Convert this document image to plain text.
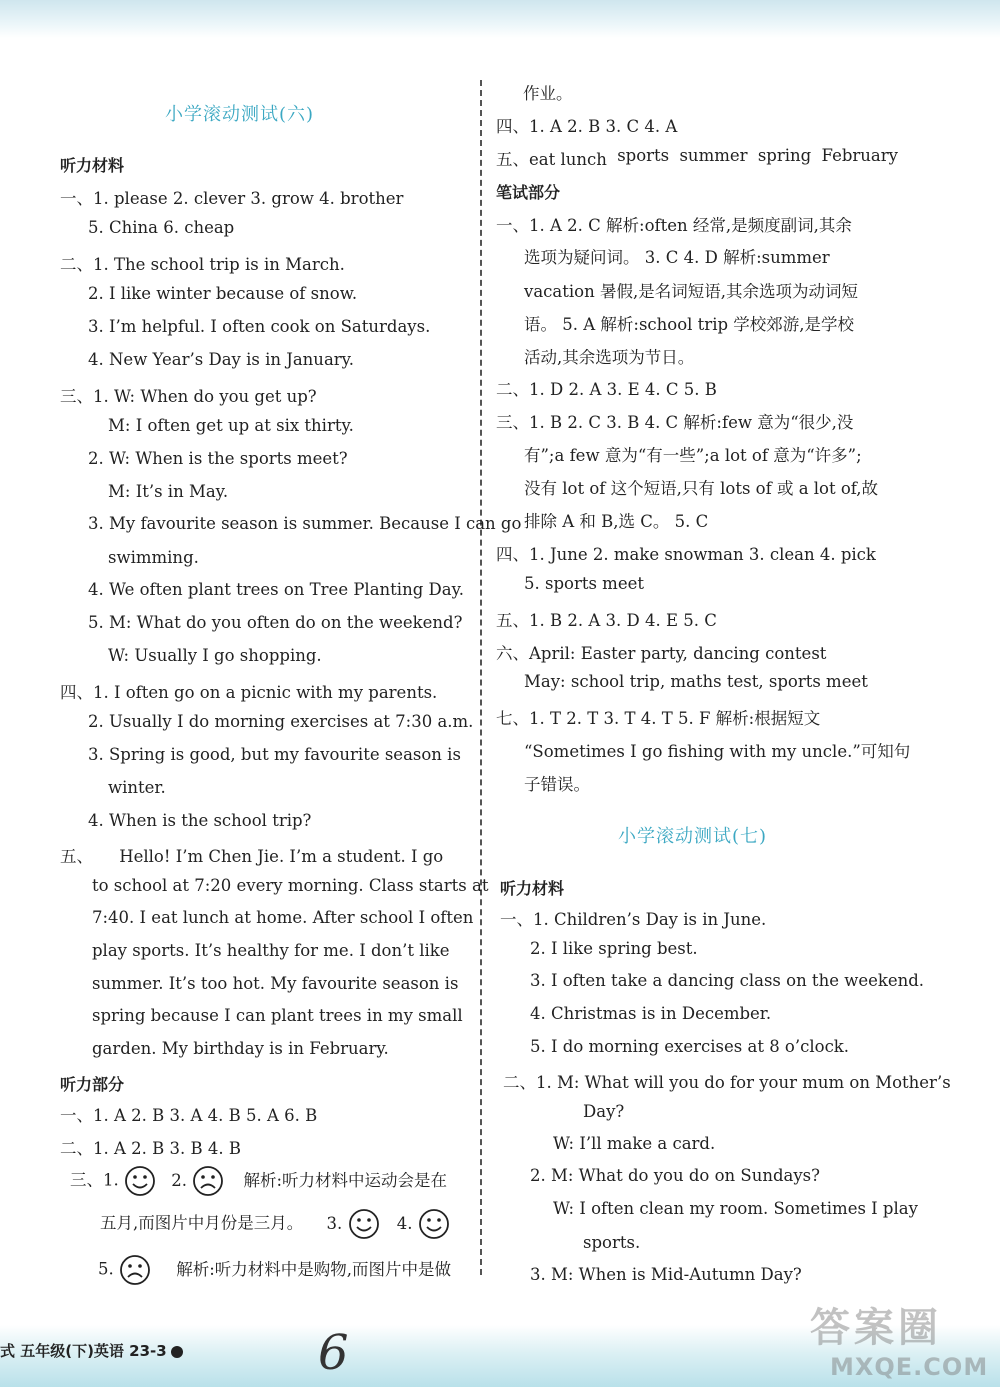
小学滚动测试(六)
听力材料
一、1. please 2. clever 3. grow 4. brother
5. China 6. cheap
二、1. The school trip is in March.
2. I like winter because of snow.
3. I’m helpful. I often cook on Saturdays.
4. New Year’s Day is in January.
三、1. W: When do you get up?
M: I often get up at six thirty.
2. W: When is the sports meet?
M: It’s in May.
3. My favourite season is summer. Because I can go
swimming.
4. We often plant trees on Tree Planting Day.
5. M: What do you often do on the weekend?
W: Usually I go shopping.
四、1. I often go on a picnic with my parents.
2. Usually I do morning exercises at 7:30 a.m.
3. Spring is good, but my favourite season is
winter.
4. When is the school trip?
五、     Hello! I’m Chen Jie. I’m a student. I go
to school at 7:20 every morning. Class starts at
7:40. I eat lunch at home. After school I often
play sports. It’s healthy for me. I don’t like
summer. It’s too hot. My favourite season is
spring because I can plant trees in my small
garden. My birthday is in February.
听力部分
一、1. A 2. B 3. A 4. B 5. A 6. B
二、1. A 2. B 3. B 4. B
三、1.	2.	解析:听力材料中运动会是在
五月,而图片中月份是三月。 3.	4.
5.	解析:听力材料中是购物,而图片中是做
作业。
四、1. A 2. B 3. C 4. A
五、eat lunch sports summer spring February
笔试部分
一、1. A 2. C 解析:often 经常,是频度副词,其余
选项为疑问词。 3. C 4. D 解析:summer
vacation 暑假,是名词短语,其余选项为动词短
语。 5. A 解析:school trip 学校郊游,是学校
活动,其余选项为节日。
二、1. D 2. A 3. E 4. C 5. B
三、1. B 2. C 3. B 4. C 解析:few 意为“很少,没
有”;a few 意为“有一些”;a lot of 意为“许多”;
没有 lot of 这个短语,只有 lots of 或 a lot of,故
排除 A 和 B,选 C。 5. C
四、1. June 2. make snowman 3. clean 4. pick
5. sports meet
五、1. B 2. A 3. D 4. E 5. C
六、April: Easter party, dancing contest
May: school trip, maths test, sports meet
七、1. T 2. T 3. T 4. T 5. F 解析:根据短文
“Sometimes I go fishing with my uncle.”可知句
子错误。
小学滚动测试(七)
听力材料
一、1. Children’s Day is in June.
2. I like spring best.
3. I often take a dancing class on the weekend.
4. Christmas is in December.
5. I do morning exercises at 8 o’clock.
二、1. M: What will you do for your mum on Mother’s
Day?
W: I’ll make a card.
2. M: What do you do on Sundays?
W: I often clean my room. Sometimes I play
sports.
3. M: When is Mid-Autumn Day?
式 五年级(下)英语 23-3	6	答案圈
MXQE.COM
